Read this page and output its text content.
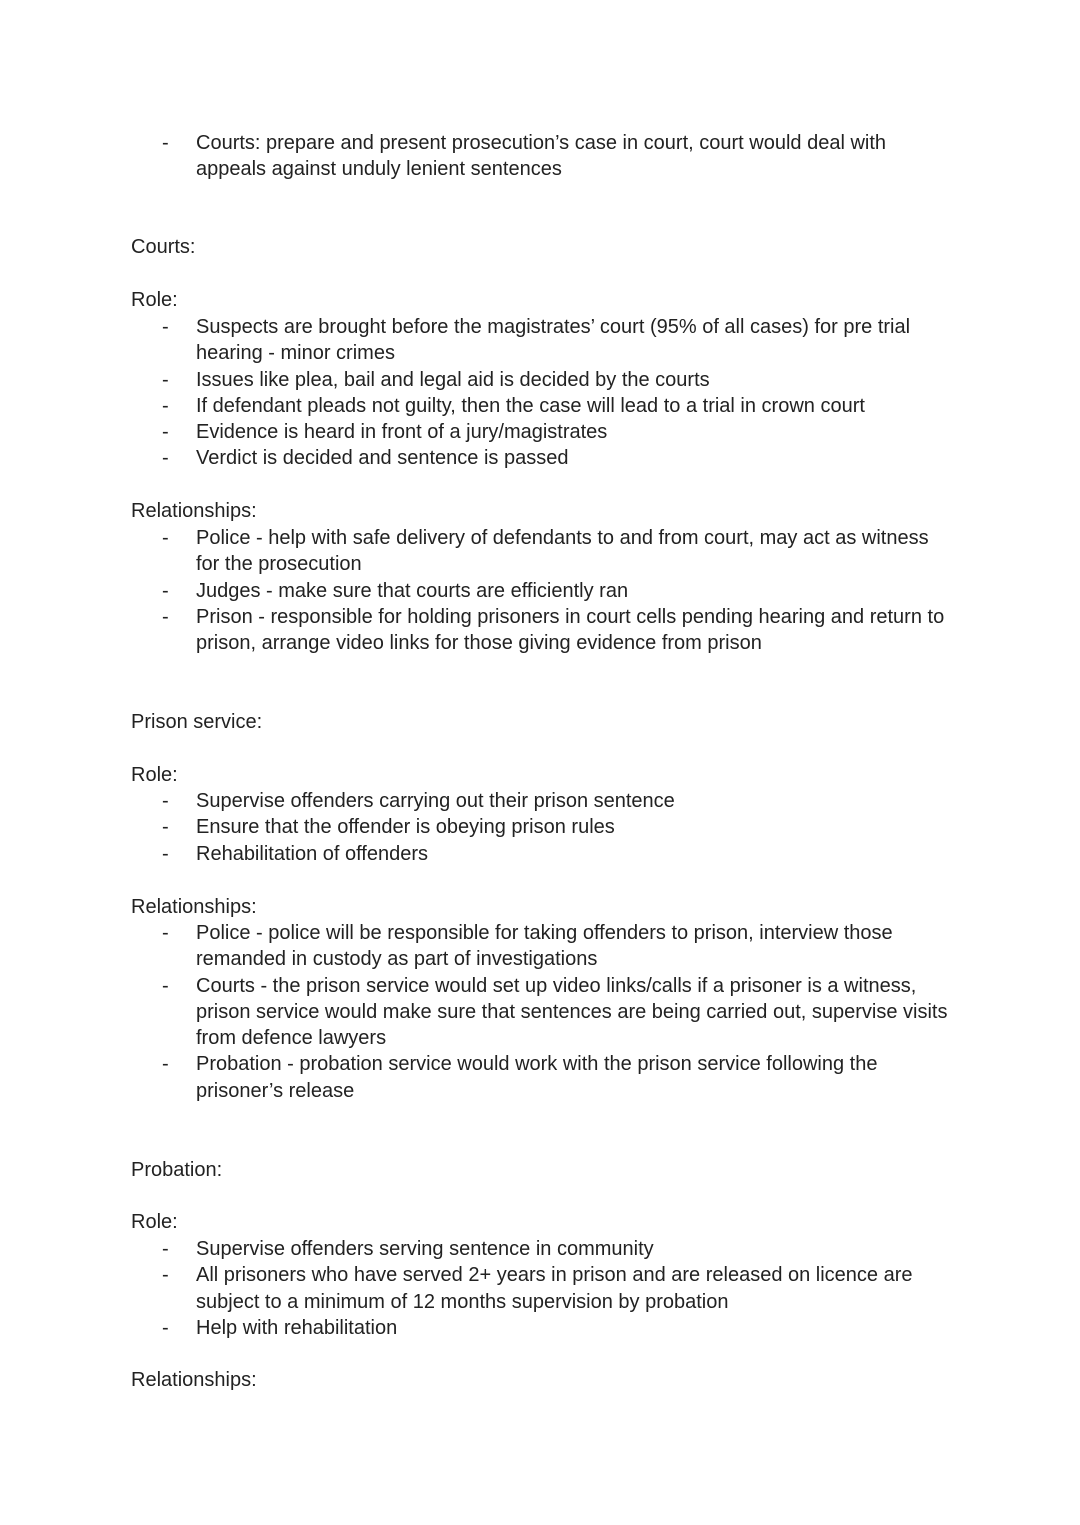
- Courts: prepare and present prosecution’s case in court, court would deal with appeals against unduly lenient sentences
Courts:
Role:
- Suspects are brought before the magistrates’ court (95% of all cases) for pre trial hearing - minor crimes
- Issues like plea, bail and legal aid is decided by the courts
- If defendant pleads not guilty, then the case will lead to a trial in crown court
- Evidence is heard in front of a jury/magistrates
- Verdict is decided and sentence is passed
Relationships:
- Police - help with safe delivery of defendants to and from court, may act as witness for the prosecution
- Judges - make sure that courts are efficiently ran
- Prison - responsible for holding prisoners in court cells pending hearing and return to prison, arrange video links for those giving evidence from prison
Prison service:
Role:
- Supervise offenders carrying out their prison sentence
- Ensure that the offender is obeying prison rules
- Rehabilitation of offenders
Relationships:
- Police - police will be responsible for taking offenders to prison, interview those remanded in custody as part of investigations
- Courts - the prison service would set up video links/calls if a prisoner is a witness, prison service would make sure that sentences are being carried out, supervise visits from defence lawyers
- Probation - probation service would work with the prison service following the prisoner’s release
Probation:
Role:
- Supervise offenders serving sentence in community
- All prisoners who have served 2+ years in prison and are released on licence are subject to a minimum of 12 months supervision by probation
- Help with rehabilitation
Relationships:
